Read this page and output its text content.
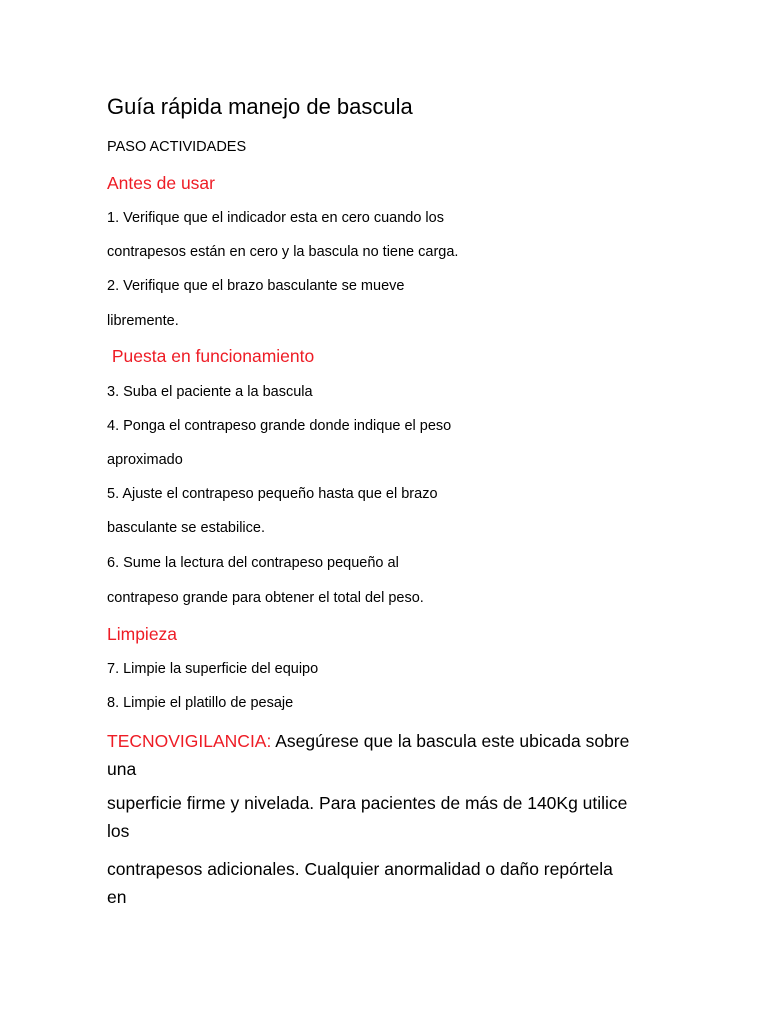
Guía rápida manejo de bascula
PASO ACTIVIDADES
Antes de usar
1. Verifique que el indicador esta en cero cuando los
contrapesos están en cero y la bascula no tiene carga.
2. Verifique que el brazo basculante se mueve
libremente.
Puesta en funcionamiento
3. Suba el paciente a la bascula
4. Ponga el contrapeso grande donde indique el peso
aproximado
5. Ajuste el contrapeso pequeño hasta que el brazo
basculante se estabilice.
6. Sume la lectura del contrapeso pequeño al
contrapeso grande para obtener el total del peso.
Limpieza
7. Limpie la superficie del equipo
8. Limpie el platillo de pesaje
TECNOVIGILANCIA: Asegúrese que la bascula este ubicada sobre
una
superficie firme y nivelada. Para pacientes de más de 140Kg utilice
los
contrapesos adicionales. Cualquier anormalidad o daño repórtela
en
